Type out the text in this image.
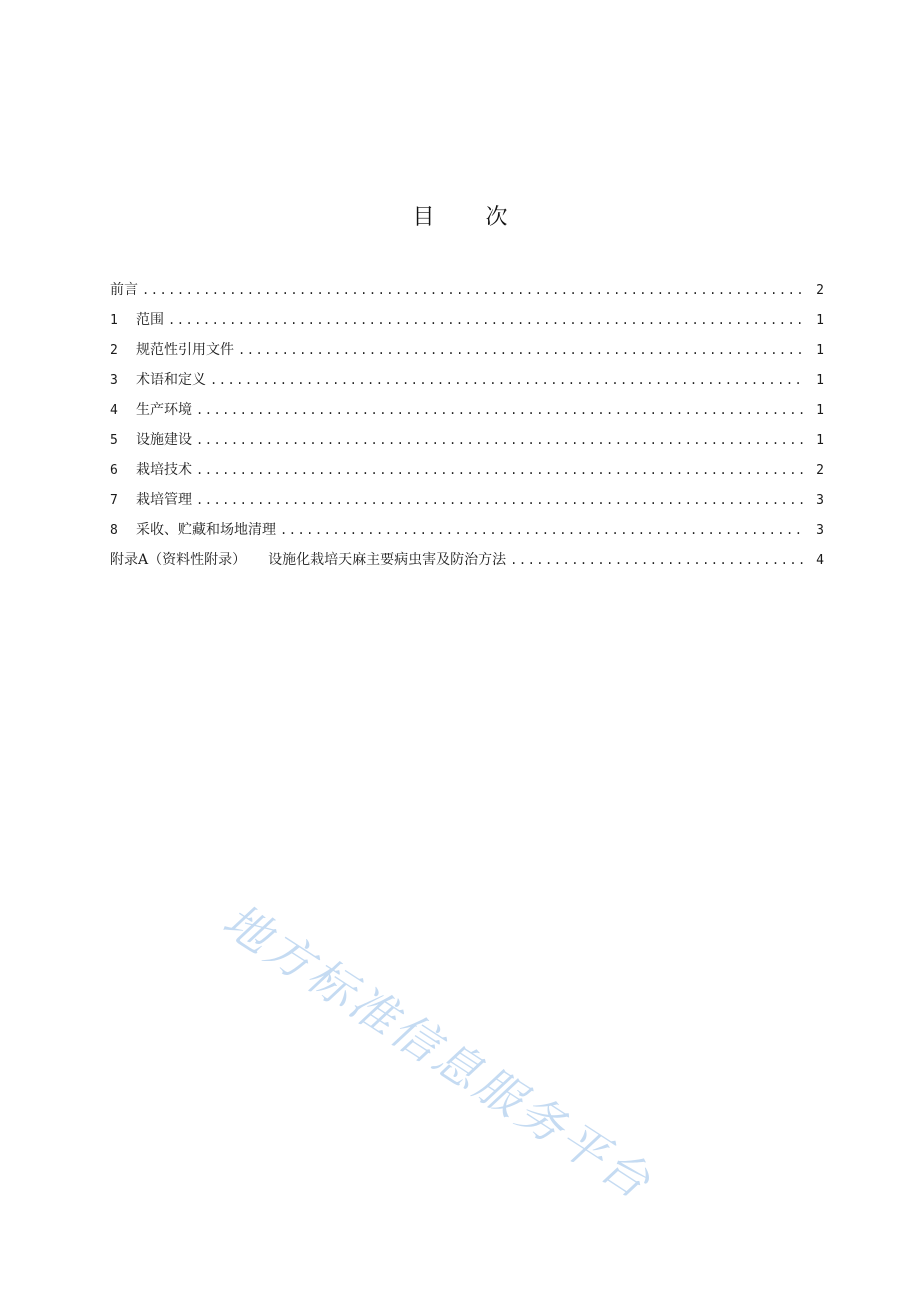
目 次
前言 .....	2
1	范围 .....	1
2	规范性引用文件 .....	1
3	术语和定义 .....	1
4	生产环境 .....	1
5	设施建设 .....	1
6	栽培技术 .....	2
7	栽培管理 .....	3
8	采收、贮藏和场地清理 .....	3
附录A（资料性附录） 设施化栽培天麻主要病虫害及防治方法 .....	4
地方标准信息服务平台
